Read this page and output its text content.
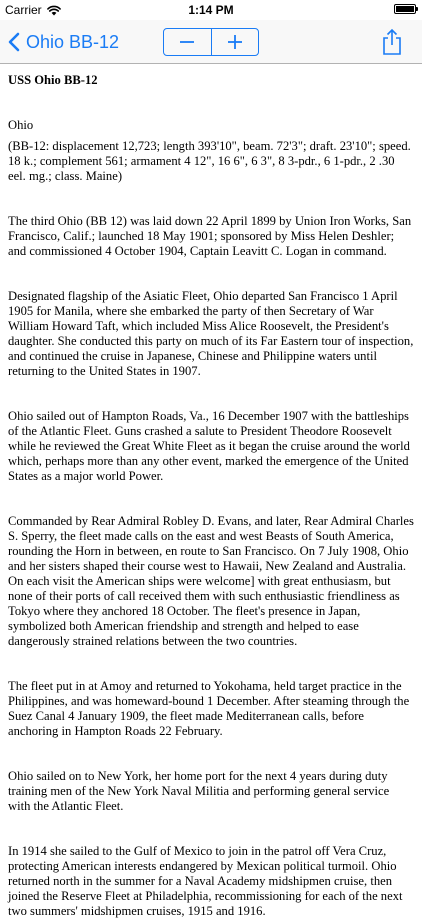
Carrier	1:14 PM
Ohio BB-12
USS Ohio BB-12

Ohio

(BB-12: displacement 12,723; length 393'10", beam. 72'3"; draft. 23'10"; speed. 18 k.; complement 561; armament 4 12", 16 6", 6 3", 8 3-pdr., 6 1-pdr., 2 .30 eel. mg.; class. Maine)

The third Ohio (BB 12) was laid down 22 April 1899 by Union Iron Works, San Francisco, Calif.; launched 18 May 1901; sponsored by Miss Helen Deshler; and commissioned 4 October 1904, Captain Leavitt C. Logan in command.

Designated flagship of the Asiatic Fleet, Ohio departed San Francisco 1 April 1905 for Manila, where she embarked the party of then Secretary of War William Howard Taft, which included Miss Alice Roosevelt, the President's daughter. She conducted this party on much of its Far Eastern tour of inspection, and continued the cruise in Japanese, Chinese and Philippine waters until returning to the United States in 1907.

Ohio sailed out of Hampton Roads, Va., 16 December 1907 with the battleships of the Atlantic Fleet. Guns crashed a salute to President Theodore Roosevelt while he reviewed the Great White Fleet as it began the cruise around the world which, perhaps more than any other event, marked the emergence of the United States as a major world Power.

Commanded by Rear Admiral Robley D. Evans, and later, Rear Admiral Charles S. Sperry, the fleet made calls on the east and west Beasts of South America, rounding the Horn in between, en route to San Francisco. On 7 July 1908, Ohio and her sisters shaped their course west to Hawaii, New Zealand and Australia. On each visit the American ships were welcome] with great enthusiasm, but none of their ports of call received them with such enthusiastic friendliness as Tokyo where they anchored 18 October. The fleet's presence in Japan, symbolized both American friendship and strength and helped to ease dangerously strained relations between the two countries.

The fleet put in at Amoy and returned to Yokohama, held target practice in the Philippines, and was homeward-bound 1 December. After steaming through the Suez Canal 4 January 1909, the fleet made Mediterranean calls, before anchoring in Hampton Roads 22 February.

Ohio sailed on to New York, her home port for the next 4 years during duty training men of the New York Naval Militia and performing general service with the Atlantic Fleet.

In 1914 she sailed to the Gulf of Mexico to join in the patrol off Vera Cruz, protecting American interests endangered by Mexican political turmoil. Ohio returned north in the summer for a Naval Academy midshipmen cruise, then joined the Reserve Fleet at Philadelphia, recommissioning for each of the next two summers' midshipmen cruises, 1915 and 1916.
